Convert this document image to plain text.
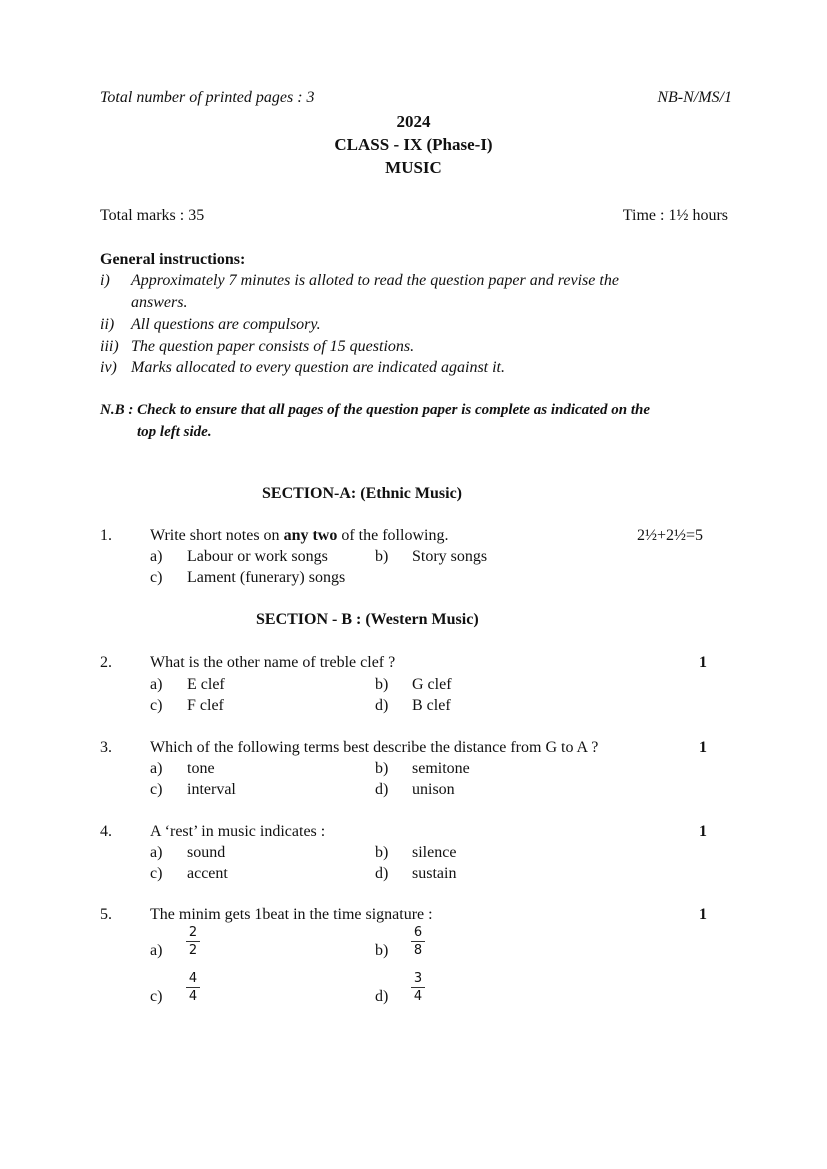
Total number of printed pages : 3	NB-N/MS/1
2024
CLASS - IX (Phase-I)
MUSIC
Total marks : 35	Time : 1½ hours
General instructions:
i) Approximately 7 minutes is alloted to read the question paper and revise the
answers.
ii) All questions are compulsory.
iii) The question paper consists of 15 questions.
iv) Marks allocated to every question are indicated against it.
N.B : Check to ensure that all pages of the question paper is complete as indicated on the
top left side.
SECTION-A: (Ethnic Music)
1. Write short notes on any two of the following.	2½+2½=5
a) Labour or work songs	b) Story songs
c) Lament (funerary) songs
SECTION - B : (Western Music)
2. What is the other name of treble clef ?	1
a) E clef	b) G clef
c) F clef	d) B clef
3. Which of the following terms best describe the distance from G to A ?	1
a) tone	b) semitone
c) interval	d) unison
4. A ‘rest’ in music indicates :	1
a) sound	b) silence
c) accent	d) sustain
5. The minim gets 1beat in the time signature :	1
a)
2
2	b)
6
8
c)
4
4	d)
3
4
